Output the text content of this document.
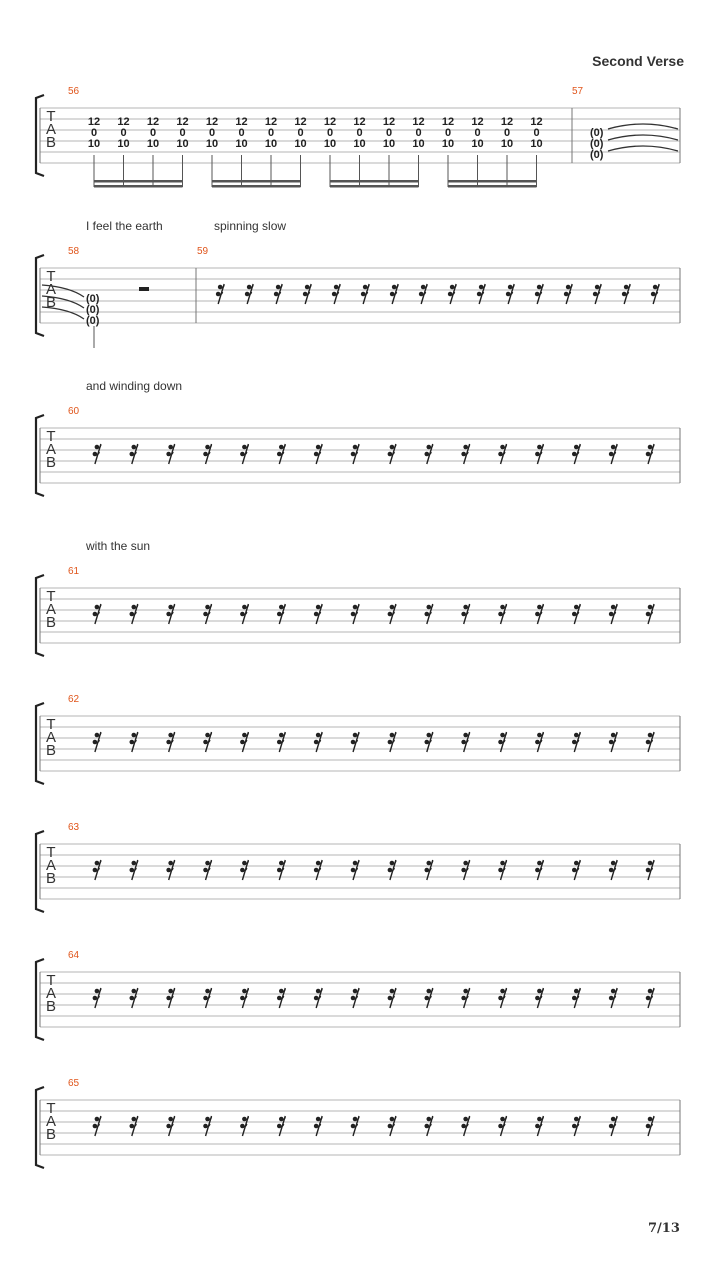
Second Verse
56	57
T
A
B
12
0
10
12
0
10
12
0
10
12
0
10
12
0
10
12
0
10
12
0
10
12
0
10
12
0
10
12
0
10
12
0
10
12
0
10
12
0
10
12
0
10
12
0
10
12
0
10
(0)
(0)
(0)
I feel the earth	spinning slow
58	59
T
A
B	(0)
(0)
(0)
and winding down
60
T
A
B
with the sun
61
T
A
B
62
T
A
B
63
T
A
B
64
T
A
B
65
T
A
B
7/13
